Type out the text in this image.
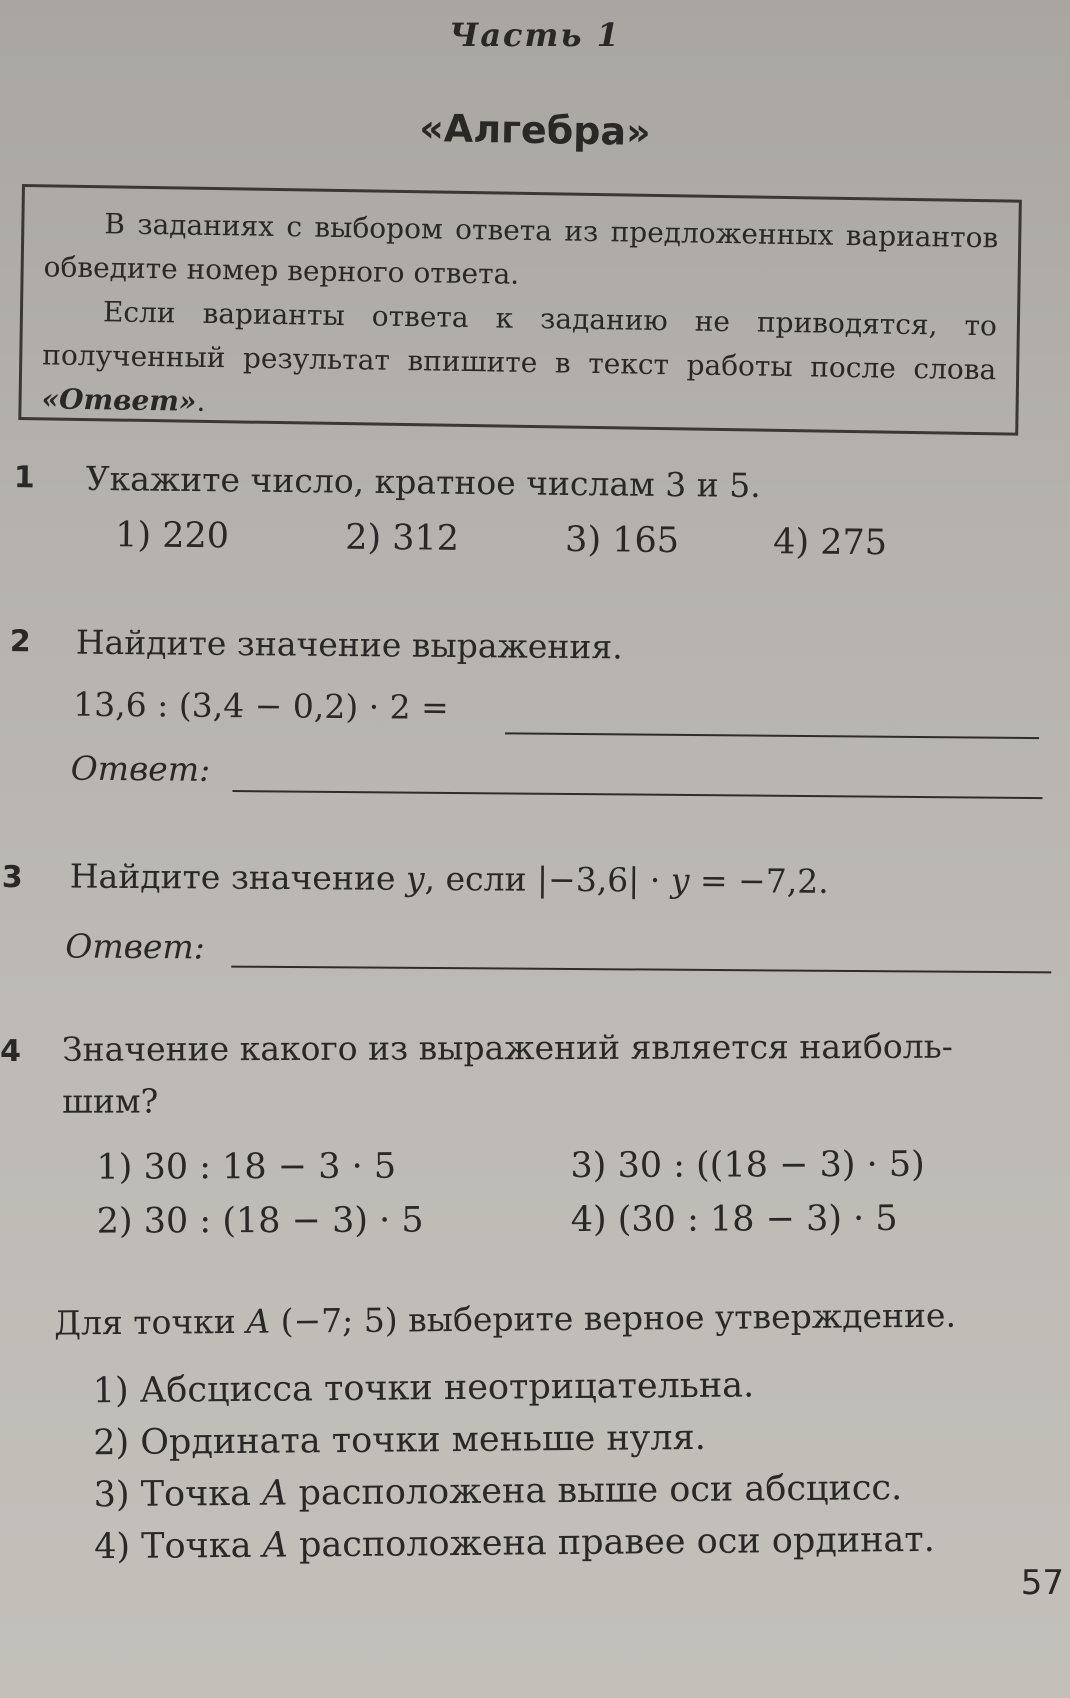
Часть 1
«Алгебра»

В заданиях с выбором ответа из предложенных вариантов обведите номер верного ответа.

Если варианты ответа к заданию не приводятся, то полученный результат впишите в текст работы после слова «Ответ».

1 Укажите число, кратное числам 3 и 5.
1) 220	2) 312	3) 165	4) 275
2 Найдите значение выражения.
13,6 : (3,4 − 0,2) · 2 =
Ответ:
3 Найдите значение y, если |−3,6| · y = −7,2.
Ответ:
4 Значение какого из выражений является наиболь-
шим?
1) 30 : 18 − 3 · 5	3) 30 : ((18 − 3) · 5)
2) 30 : (18 − 3) · 5	4) (30 : 18 − 3) · 5
Для точки A (−7; 5) выберите верное утверждение.
1) Абсцисса точки неотрицательна.
2) Ордината точки меньше нуля.
3) Точка A расположена выше оси абсцисс.
4) Точка A расположена правее оси ординат.
57
